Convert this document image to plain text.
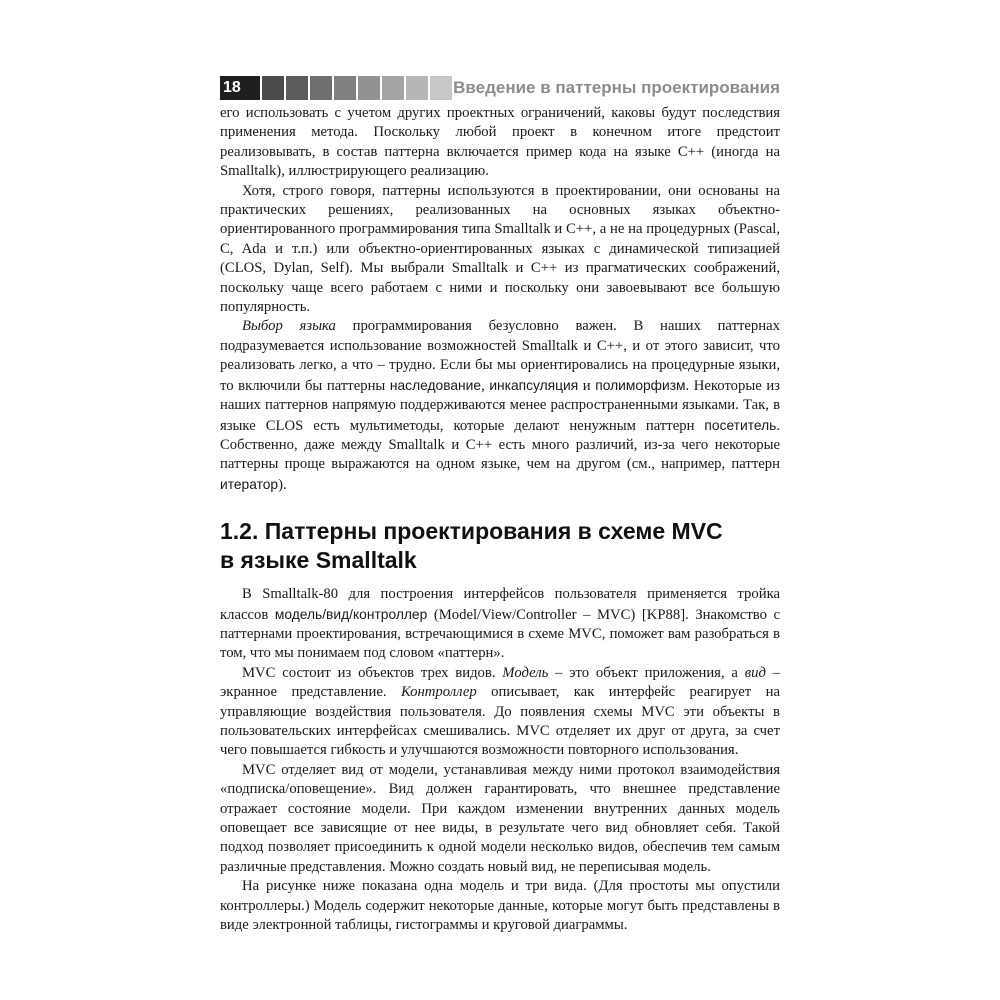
18	Введение в паттерны проектирования

его использовать с учетом других проектных ограничений, каковы будут последствия применения метода. Поскольку любой проект в конечном итоге предстоит реализовывать, в состав паттерна включается пример кода на языке C++ (иногда на Smalltalk), иллюстрирующего реализацию.

Хотя, строго говоря, паттерны используются в проектировании, они основаны на практических решениях, реализованных на основных языках объектно-ориентированного программирования типа Smalltalk и C++, а не на процедурных (Pascal, C, Ada и т.п.) или объектно-ориентированных языках с динамической типизацией (CLOS, Dylan, Self). Мы выбрали Smalltalk и C++ из прагматических соображений, поскольку чаще всего работаем с ними и поскольку они завоевывают все большую популярность.

Выбор языка программирования безусловно важен. В наших паттернах подразумевается использование возможностей Smalltalk и C++, и от этого зависит, что реализовать легко, а что – трудно. Если бы мы ориентировались на процедурные языки, то включили бы паттерны наследование, инкапсуляция и полиморфизм. Некоторые из наших паттернов напрямую поддерживаются менее распространенными языками. Так, в языке CLOS есть мультиметоды, которые делают ненужным паттерн посетитель. Собственно, даже между Smalltalk и C++ есть много различий, из-за чего некоторые паттерны проще выражаются на одном языке, чем на другом (см., например, паттерн итератор).

1.2. Паттерны проектирования в схеме MVC
в языке Smalltalk

В Smalltalk-80 для построения интерфейсов пользователя применяется тройка классов модель/вид/контроллер (Model/View/Controller – MVC) [KP88]. Знакомство с паттернами проектирования, встречающимися в схеме MVC, поможет вам разобраться в том, что мы понимаем под словом «паттерн».

MVC состоит из объектов трех видов. Модель – это объект приложения, а вид – экранное представление. Контроллер описывает, как интерфейс реагирует на управляющие воздействия пользователя. До появления схемы MVC эти объекты в пользовательских интерфейсах смешивались. MVC отделяет их друг от друга, за счет чего повышается гибкость и улучшаются возможности повторного использования.

MVC отделяет вид от модели, устанавливая между ними протокол взаимодействия «подписка/оповещение». Вид должен гарантировать, что внешнее представление отражает состояние модели. При каждом изменении внутренних данных модель оповещает все зависящие от нее виды, в результате чего вид обновляет себя. Такой подход позволяет присоединить к одной модели несколько видов, обеспечив тем самым различные представления. Можно создать новый вид, не переписывая модель.

На рисунке ниже показана одна модель и три вида. (Для простоты мы опустили контроллеры.) Модель содержит некоторые данные, которые могут быть представлены в виде электронной таблицы, гистограммы и круговой диаграммы.
